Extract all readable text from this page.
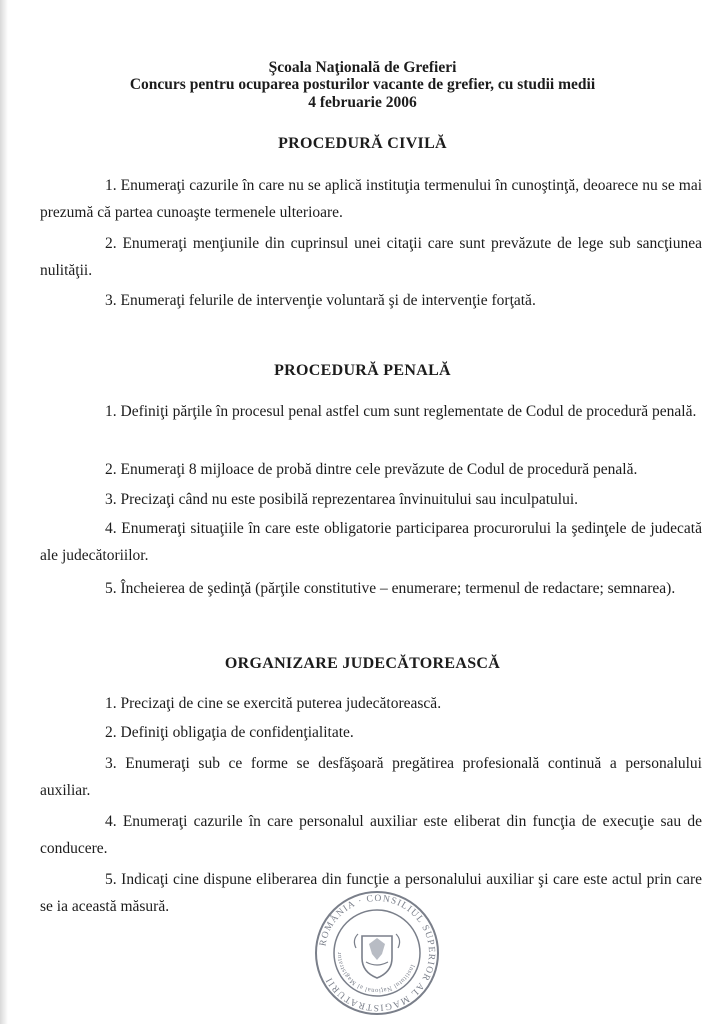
Şcoala Naţională de Grefieri
Concurs pentru ocuparea posturilor vacante de grefier, cu studii medii
4 februarie 2006
PROCEDURĂ CIVILĂ
1. Enumeraţi cazurile în care nu se aplică instituţia termenului în cunoştinţă, deoarece nu se mai prezumă că partea cunoaşte termenele ulterioare.
2. Enumeraţi menţiunile din cuprinsul unei citaţii care sunt prevăzute de lege sub sancţiunea nulităţii.
3. Enumeraţi felurile de intervenţie voluntară şi de intervenţie forţată.
PROCEDURĂ PENALĂ
1. Definiţi părţile în procesul penal astfel cum sunt reglementate de Codul de procedură penală.
2. Enumeraţi 8 mijloace de probă dintre cele prevăzute de Codul de procedură penală.
3. Precizaţi când nu este posibilă reprezentarea învinuitului sau inculpatului.
4. Enumeraţi situaţiile în care este obligatorie participarea procurorului la şedinţele de judecată ale judecătoriilor.
5. Încheierea de şedinţă (părţile constitutive – enumerare; termenul de redactare; semnarea).
ORGANIZARE JUDECĂTOREASCĂ
1. Precizaţi de cine se exercită puterea judecătorească.
2. Definiţi obligaţia de confidenţialitate.
3. Enumeraţi sub ce forme se desfăşoară pregătirea profesională continuă a personalului auxiliar.
4. Enumeraţi cazurile în care personalul auxiliar este eliberat din funcţia de execuţie sau de conducere.
5. Indicaţi cine dispune eliberarea din funcţie a personalului auxiliar şi care este actul prin care se ia această măsură.
ROMÂNIA · CONSILIUL SUPERIOR AL MAGISTRATURII
Institutul Naţional al Magistratur
